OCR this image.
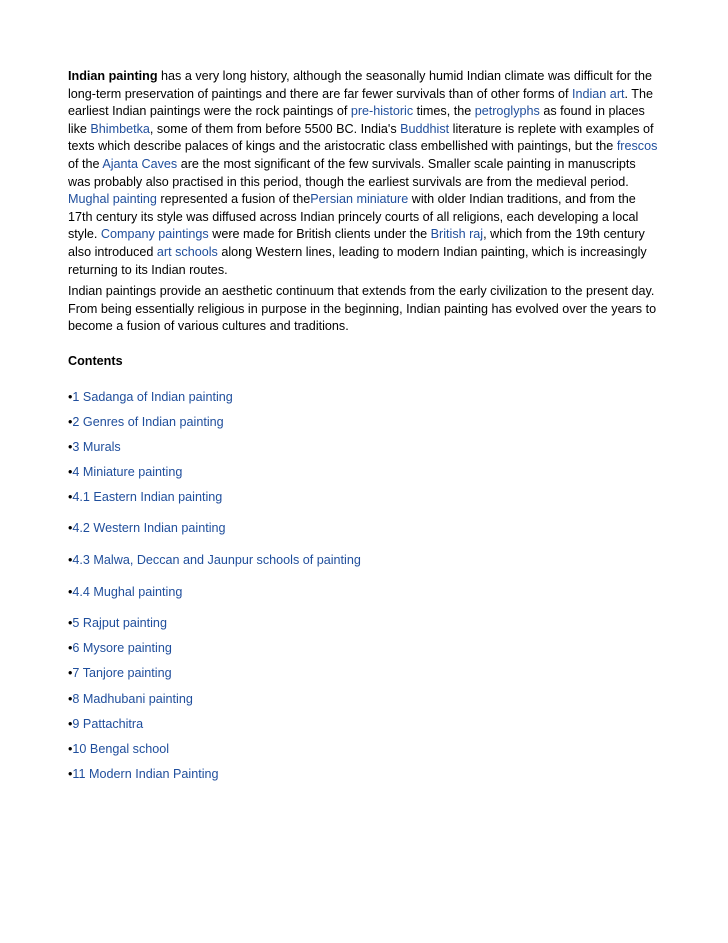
Indian painting has a very long history, although the seasonally humid Indian climate was difficult for the long-term preservation of paintings and there are far fewer survivals than of other forms of Indian art. The earliest Indian paintings were the rock paintings of pre-historic times, the petroglyphs as found in places like Bhimbetka, some of them from before 5500 BC. India's Buddhist literature is replete with examples of texts which describe palaces of kings and the aristocratic class embellished with paintings, but the frescos of the Ajanta Caves are the most significant of the few survivals. Smaller scale painting in manuscripts was probably also practised in this period, though the earliest survivals are from the medieval period. Mughal painting represented a fusion of thePersian miniature with older Indian traditions, and from the 17th century its style was diffused across Indian princely courts of all religions, each developing a local style. Company paintings were made for British clients under the British raj, which from the 19th century also introduced art schools along Western lines, leading to modern Indian painting, which is increasingly returning to its Indian routes.

Indian paintings provide an aesthetic continuum that extends from the early civilization to the present day. From being essentially religious in purpose in the beginning, Indian painting has evolved over the years to become a fusion of various cultures and traditions.

Contents

•1 Sadanga of Indian painting
•2 Genres of Indian painting
•3 Murals
•4 Miniature painting
•4.1 Eastern Indian painting
•4.2 Western Indian painting
•4.3 Malwa, Deccan and Jaunpur schools of painting
•4.4 Mughal painting
•5 Rajput painting
•6 Mysore painting
•7 Tanjore painting
•8 Madhubani painting
•9 Pattachitra
•10 Bengal school
•11 Modern Indian Painting
